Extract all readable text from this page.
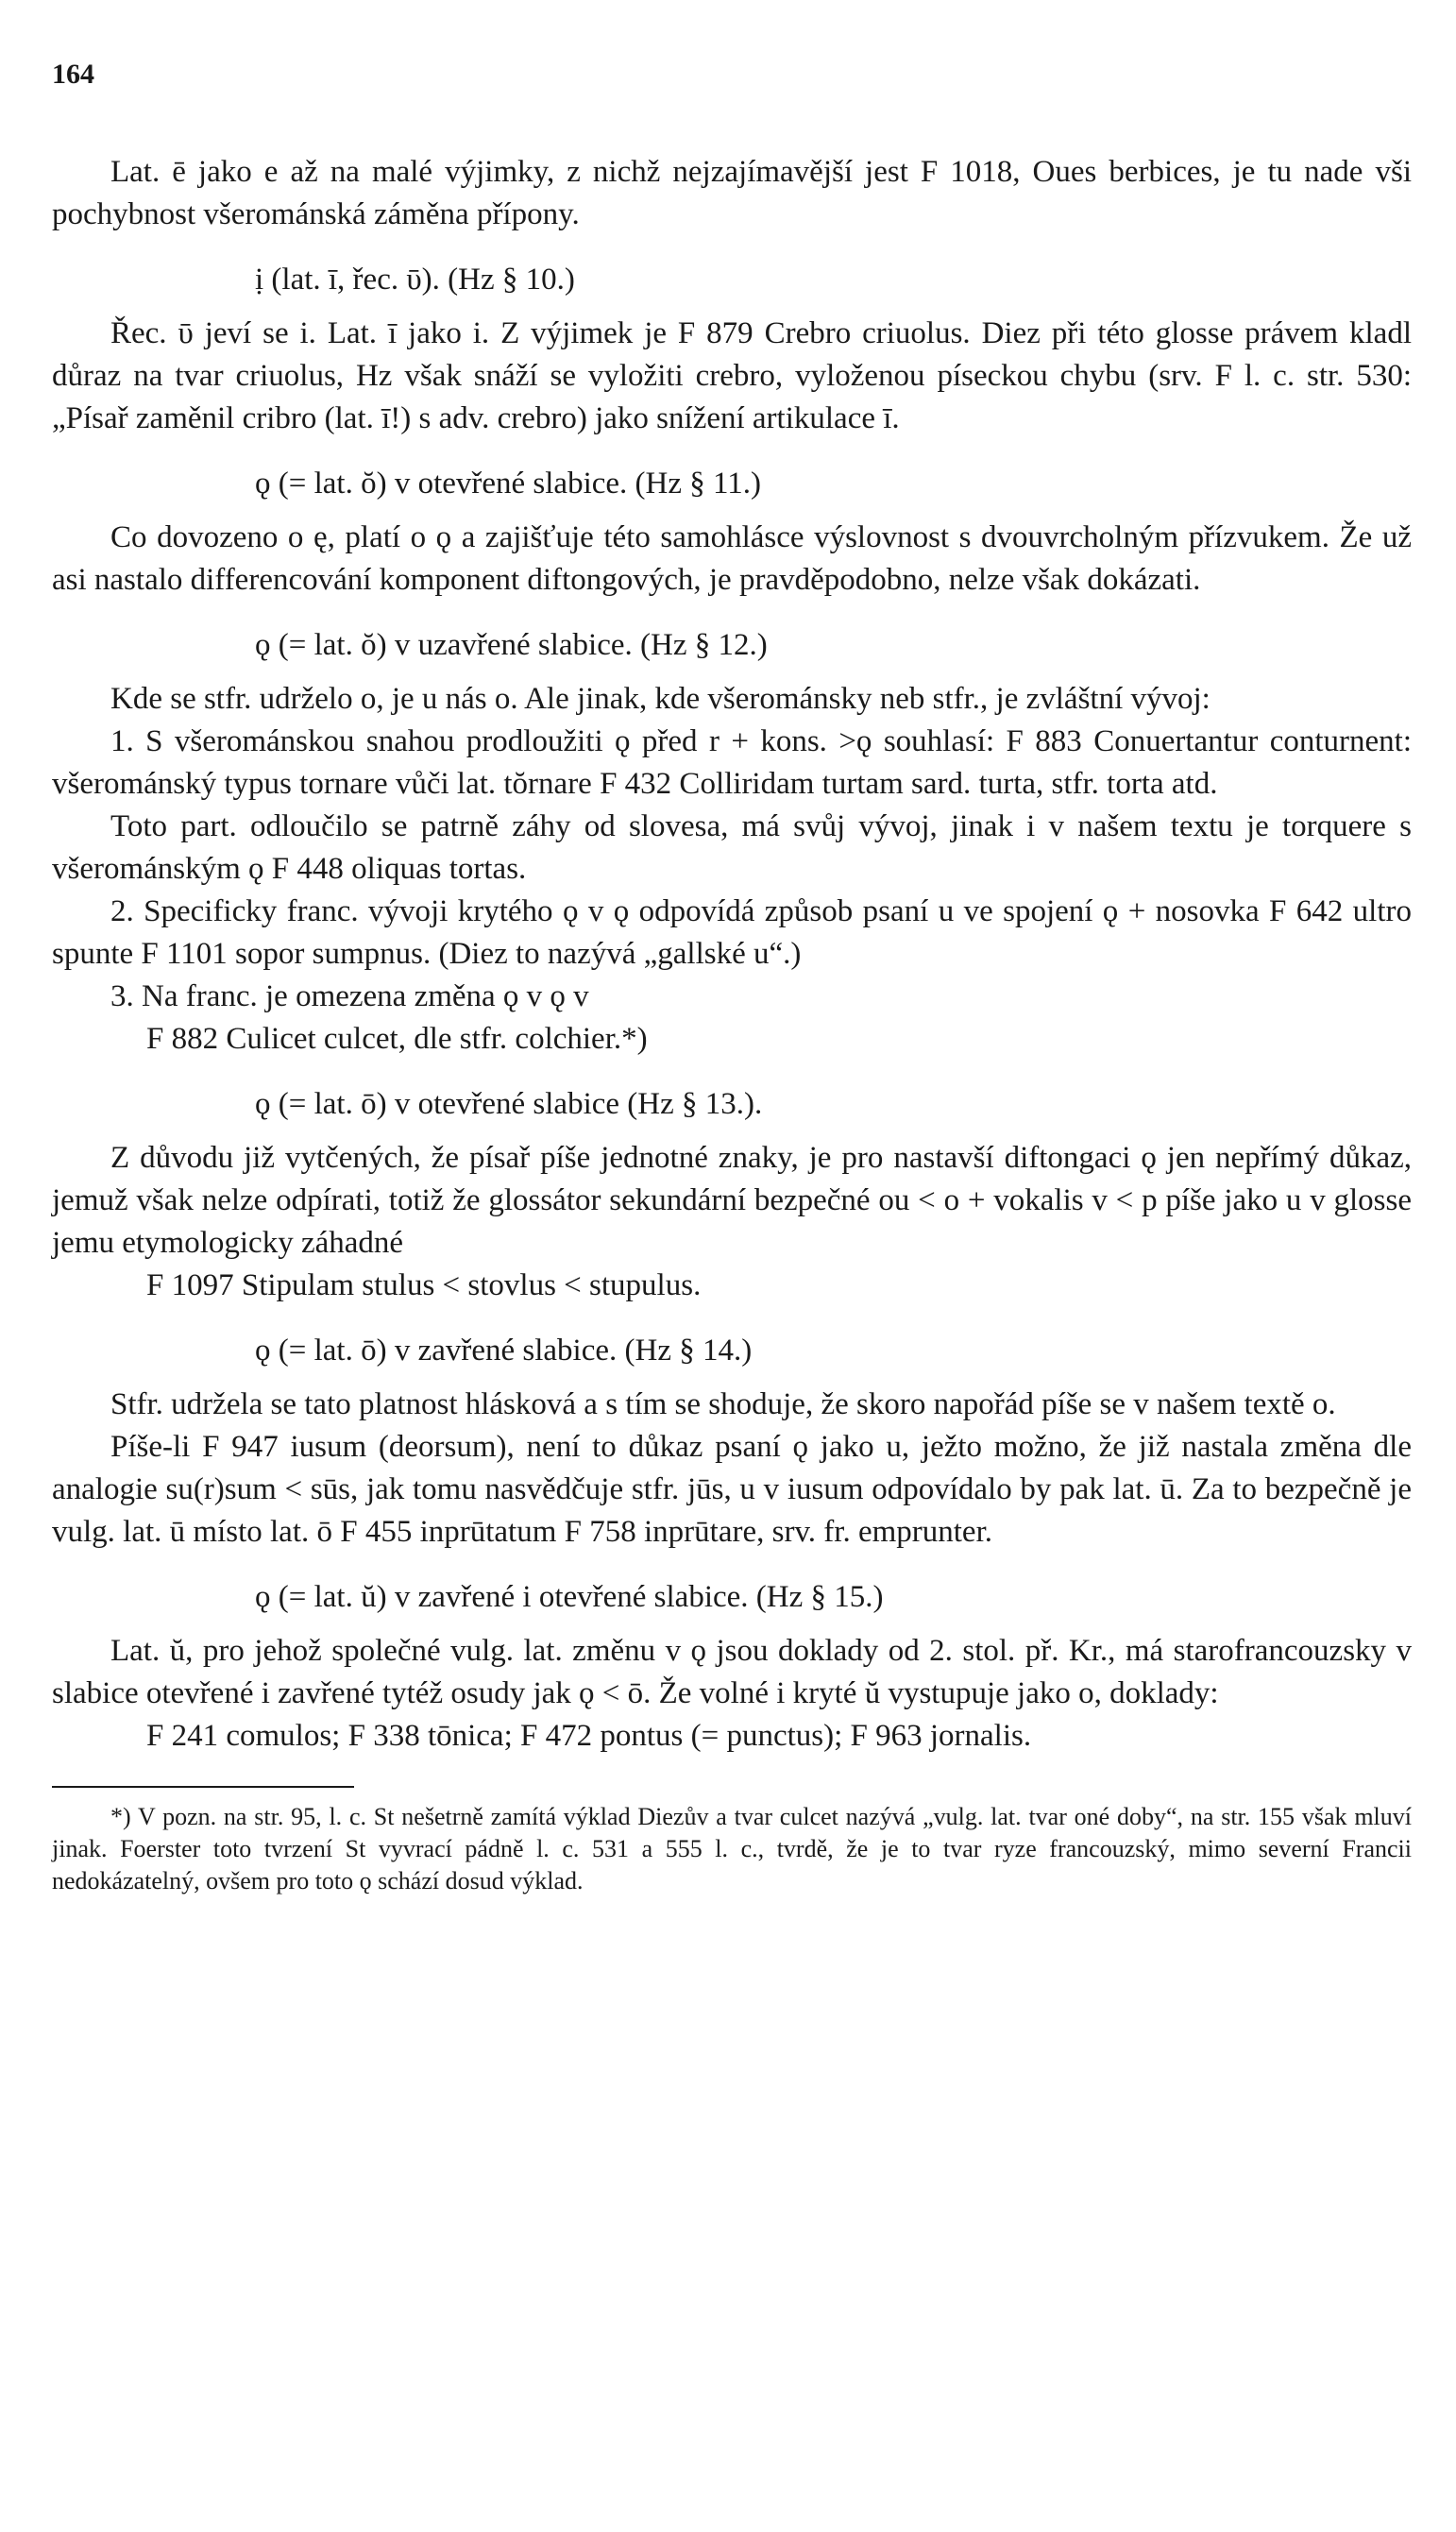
164

Lat. ē jako e až na malé výjimky, z nichž nejzajímavější jest F 1018, Oues berbices, je tu nade vši pochybnost všerománská záměna přípony.

ị (lat. ī, řec. ῡ). (Hz § 10.)

Řec. ῡ jeví se i. Lat. ī jako i. Z výjimek je F 879 Crebro criuolus. Diez při této glosse právem kladl důraz na tvar criuolus, Hz však snáží se vyložiti crebro, vyloženou píseckou chybu (srv. F l. c. str. 530: „Písař zaměnil cribro (lat. ī!) s adv. crebro) jako snížení artikulace ī.

ǫ (= lat. ŏ) v otevřené slabice. (Hz § 11.)

Co dovozeno o ę, platí o ǫ a zajišťuje této samohlásce výslovnost s dvouvrcholným přízvukem. Že už asi nastalo differencování komponent diftongových, je pravděpodobno, nelze však dokázati.

ǫ (= lat. ŏ) v uzavřené slabice. (Hz § 12.)

Kde se stfr. udrželo o, je u nás o. Ale jinak, kde všerománsky neb stfr., je zvláštní vývoj:

1. S všerománskou snahou prodloužiti ǫ před r + kons. >ǫ souhlasí: F 883 Conuertantur conturnent: všerománský typus tornare vůči lat. tŏrnare F 432 Colliridam turtam sard. turta, stfr. torta atd.

Toto part. odloučilo se patrně záhy od slovesa, má svůj vývoj, jinak i v našem textu je torquere s všerománským ǫ F 448 oliquas tortas.

2. Specificky franc. vývoji krytého ǫ v ǫ odpovídá způsob psaní u ve spojení ǫ + nosovka F 642 ultro spunte F 1101 sopor sumpnus. (Diez to nazývá „gallské u“.)

3. Na franc. je omezena změna ǫ v ǫ v

F 882 Culicet culcet, dle stfr. colchier.*)

ǫ (= lat. ō) v otevřené slabice (Hz § 13.).

Z důvodu již vytčených, že písař píše jednotné znaky, je pro nastavší diftongaci ǫ jen nepřímý důkaz, jemuž však nelze odpírati, totiž že glossátor sekundární bezpečné ou < o + vokalis v < p píše jako u v glosse jemu etymologicky záhadné

F 1097 Stipulam stulus < stovlus < stupulus.

ǫ (= lat. ō) v zavřené slabice. (Hz § 14.)

Stfr. udržela se tato platnost hlásková a s tím se shoduje, že skoro napořád píše se v našem textě o.

Píše-li F 947 iusum (deorsum), není to důkaz psaní ǫ jako u, ježto možno, že již nastala změna dle analogie su(r)sum < sūs, jak tomu nasvědčuje stfr. jūs, u v iusum odpovídalo by pak lat. ū. Za to bezpečně je vulg. lat. ū místo lat. ō F 455 inprūtatum F 758 inprūtare, srv. fr. emprunter.

ǫ (= lat. ŭ) v zavřené i otevřené slabice. (Hz § 15.)

Lat. ŭ, pro jehož společné vulg. lat. změnu v ǫ jsou doklady od 2. stol. př. Kr., má starofrancouzsky v slabice otevřené i zavřené tytéž osudy jak ǫ < ō. Že volné i kryté ŭ vystupuje jako o, doklady:

F 241 comulos; F 338 tōnica; F 472 pontus (= punctus); F 963 jornalis.

*) V pozn. na str. 95, l. c. St nešetrně zamítá výklad Diezův a tvar culcet nazývá „vulg. lat. tvar oné doby“, na str. 155 však mluví jinak. Foerster toto tvrzení St vyvrací pádně l. c. 531 a 555 l. c., tvrdě, že je to tvar ryze francouzský, mimo severní Francii nedokázatelný, ovšem pro toto ǫ schází dosud výklad.
